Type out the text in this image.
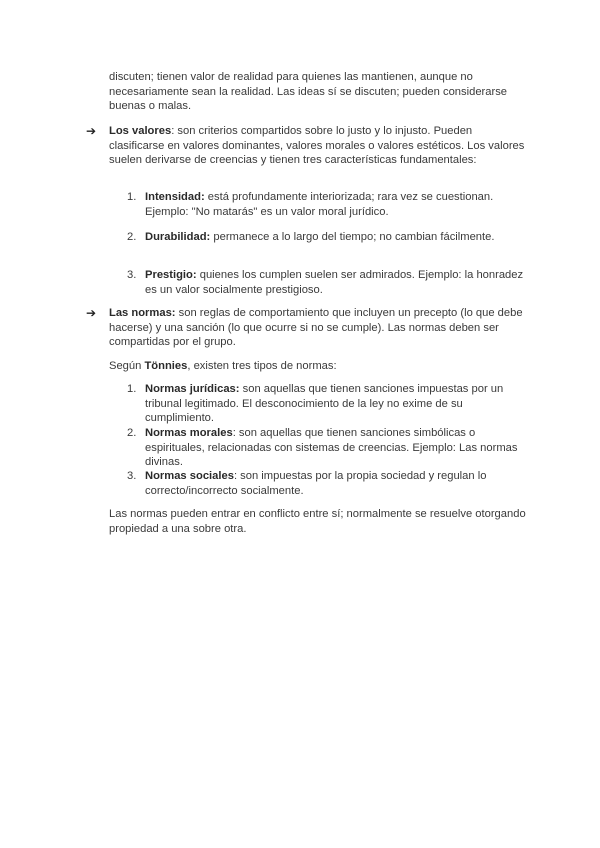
discuten; tienen valor de realidad para quienes las mantienen, aunque no necesariamente sean la realidad. Las ideas sí se discuten; pueden considerarse buenas o malas.

➔	Los valores: son criterios compartidos sobre lo justo y lo injusto. Pueden clasificarse en valores dominantes, valores morales o valores estéticos. Los valores suelen derivarse de creencias y tienen tres características fundamentales:
1. Intensidad: está profundamente interiorizada; rara vez se cuestionan. Ejemplo: "No matarás" es un valor moral jurídico.
2. Durabilidad: permanece a lo largo del tiempo; no cambian fácilmente.
3. Prestigio: quienes los cumplen suelen ser admirados. Ejemplo: la honradez es un valor socialmente prestigioso.
➔	Las normas: son reglas de comportamiento que incluyen un precepto (lo que debe hacerse) y una sanción (lo que ocurre si no se cumple). Las normas deben ser compartidas por el grupo.

Según Tönnies, existen tres tipos de normas:

1. Normas jurídicas: son aquellas que tienen sanciones impuestas por un tribunal legitimado. El desconocimiento de la ley no exime de su cumplimiento.
2. Normas morales: son aquellas que tienen sanciones simbólicas o espirituales, relacionadas con sistemas de creencias. Ejemplo: Las normas divinas.
3. Normas sociales: son impuestas por la propia sociedad y regulan lo correcto/incorrecto socialmente.

Las normas pueden entrar en conflicto entre sí; normalmente se resuelve otorgando propiedad a una sobre otra.
